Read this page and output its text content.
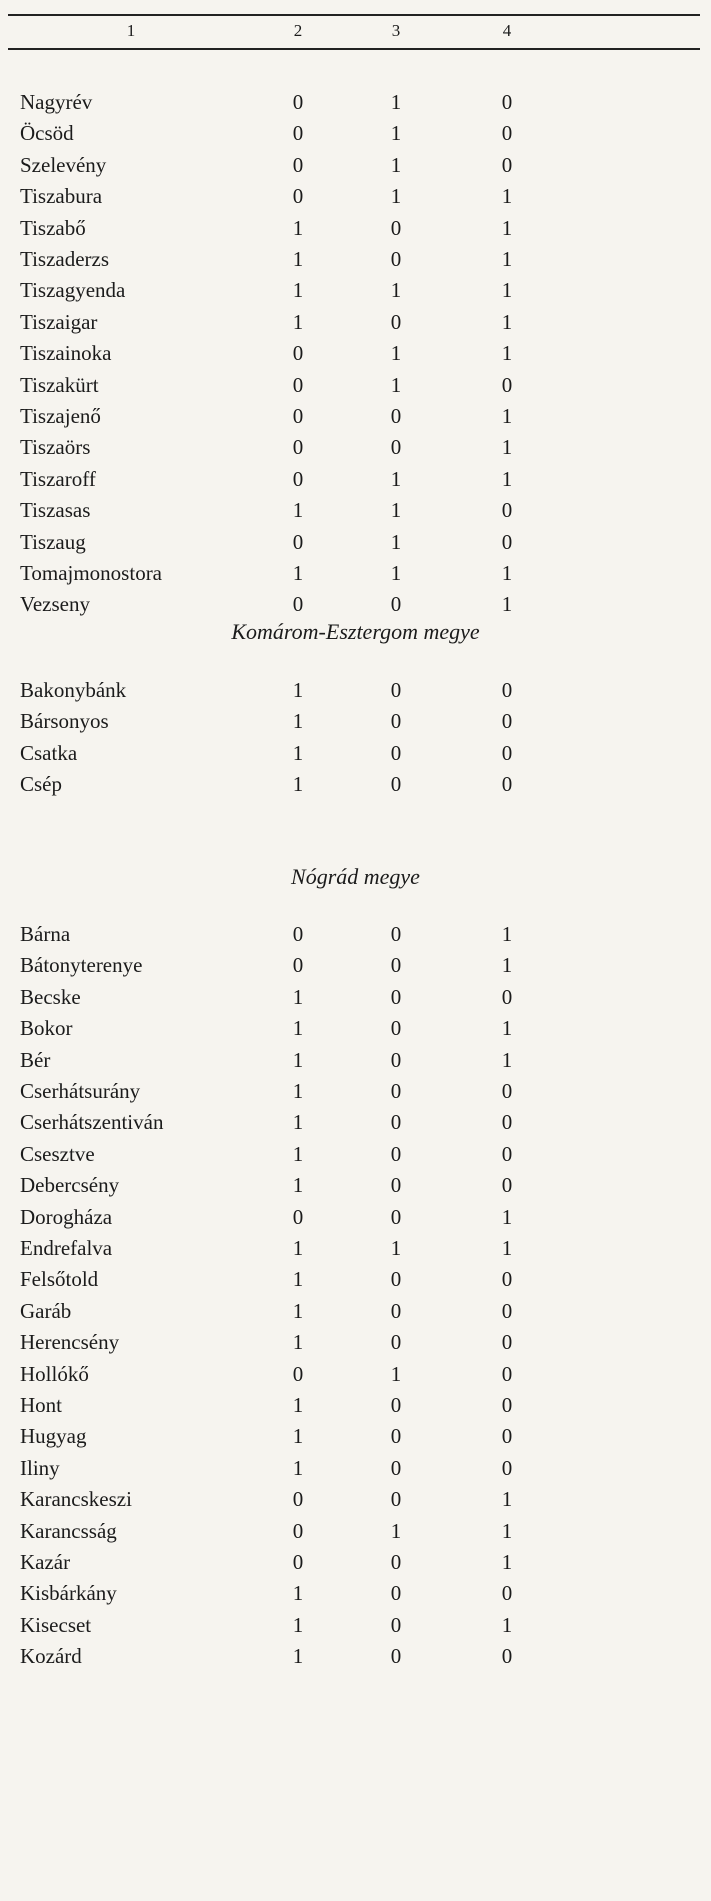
1	2	3	4
Nagyrév	0	1	0
Öcsöd	0	1	0
Szelevény	0	1	0
Tiszabura	0	1	1
Tiszabő	1	0	1
Tiszaderzs	1	0	1
Tiszagyenda	1	1	1
Tiszaigar	1	0	1
Tiszainoka	0	1	1
Tiszakürt	0	1	0
Tiszajenő	0	0	1
Tiszaörs	0	0	1
Tiszaroff	0	1	1
Tiszasas	1	1	0
Tiszaug	0	1	0
Tomajmonostora	1	1	1
Vezseny	0	0	1
Komárom-Esztergom megye
Bakonybánk	1	0	0
Bársonyos	1	0	0
Csatka	1	0	0
Csép	1	0	0
Nógrád megye
Bárna	0	0	1
Bátonyterenye	0	0	1
Becske	1	0	0
Bokor	1	0	1
Bér	1	0	1
Cserhátsurány	1	0	0
Cserhátszentiván	1	0	0
Csesztve	1	0	0
Debercsény	1	0	0
Dorogháza	0	0	1
Endrefalva	1	1	1
Felsőtold	1	0	0
Garáb	1	0	0
Herencsény	1	0	0
Hollókő	0	1	0
Hont	1	0	0
Hugyag	1	0	0
Iliny	1	0	0
Karancskeszi	0	0	1
Karancsság	0	1	1
Kazár	0	0	1
Kisbárkány	1	0	0
Kisecset	1	0	1
Kozárd	1	0	0
